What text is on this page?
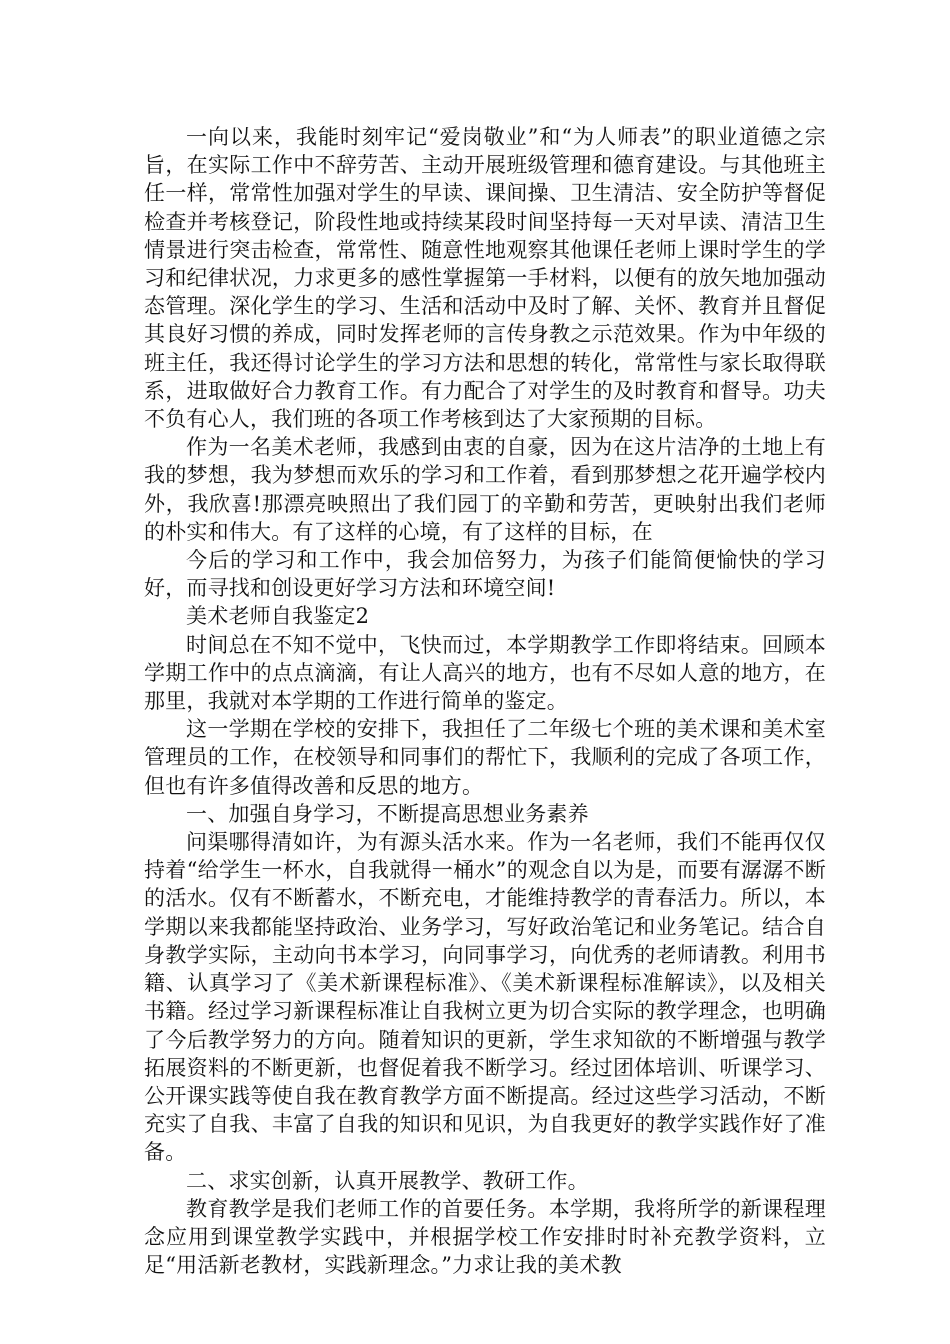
一向以来，我能时刻牢记“爱岗敬业”和“为人师表”的职业道德之宗旨，在实际工作中不辞劳苦、主动开展班级管理和德育建设。与其他班主任一样，常常性加强对学生的早读、课间操、卫生清洁、安全防护等督促检查并考核登记，阶段性地或持续某段时间坚持每一天对早读、清洁卫生情景进行突击检查，常常性、随意性地观察其他课任老师上课时学生的学习和纪律状况，力求更多的感性掌握第一手材料，以便有的放矢地加强动态管理。深化学生的学习、生活和活动中及时了解、关怀、教育并且督促其良好习惯的养成，同时发挥老师的言传身教之示范效果。作为中年级的班主任，我还得讨论学生的学习方法和思想的转化，常常性与家长取得联系，进取做好合力教育工作。有力配合了对学生的及时教育和督导。功夫不负有心人，我们班的各项工作考核到达了大家预期的目标。

作为一名美术老师，我感到由衷的自豪，因为在这片洁净的土地上有我的梦想，我为梦想而欢乐的学习和工作着，看到那梦想之花开遍学校内外，我欣喜!那漂亮映照出了我们园丁的辛勤和劳苦，更映射出我们老师的朴实和伟大。有了这样的心境，有了这样的目标，在

今后的学习和工作中，我会加倍努力，为孩子们能简便愉快的学习好，而寻找和创设更好学习方法和环境空间!

美术老师自我鉴定2

时间总在不知不觉中，飞快而过，本学期教学工作即将结束。回顾本学期工作中的点点滴滴，有让人高兴的地方，也有不尽如人意的地方，在那里，我就对本学期的工作进行简单的鉴定。

这一学期在学校的安排下，我担任了二年级七个班的美术课和美术室管理员的工作，在校领导和同事们的帮忙下，我顺利的完成了各项工作，但也有许多值得改善和反思的地方。

一、加强自身学习，不断提高思想业务素养

问渠哪得清如许，为有源头活水来。作为一名老师，我们不能再仅仅持着“给学生一杯水，自我就得一桶水”的观念自以为是，而要有潺潺不断的活水。仅有不断蓄水，不断充电，才能维持教学的青春活力。所以，本学期以来我都能坚持政治、业务学习，写好政治笔记和业务笔记。结合自身教学实际，主动向书本学习，向同事学习，向优秀的老师请教。利用书籍、认真学习了《美术新课程标准》、《美术新课程标准解读》，以及相关书籍。经过学习新课程标准让自我树立更为切合实际的教学理念，也明确了今后教学努力的方向。随着知识的更新，学生求知欲的不断增强与教学拓展资料的不断更新，也督促着我不断学习。经过团体培训、听课学习、公开课实践等使自我在教育教学方面不断提高。经过这些学习活动，不断充实了自我、丰富了自我的知识和见识，为自我更好的教学实践作好了准备。

二、求实创新，认真开展教学、教研工作。

教育教学是我们老师工作的首要任务。本学期，我将所学的新课程理念应用到课堂教学实践中，并根据学校工作安排时时补充教学资料，立足“用活新老教材，实践新理念。”力求让我的美术教
